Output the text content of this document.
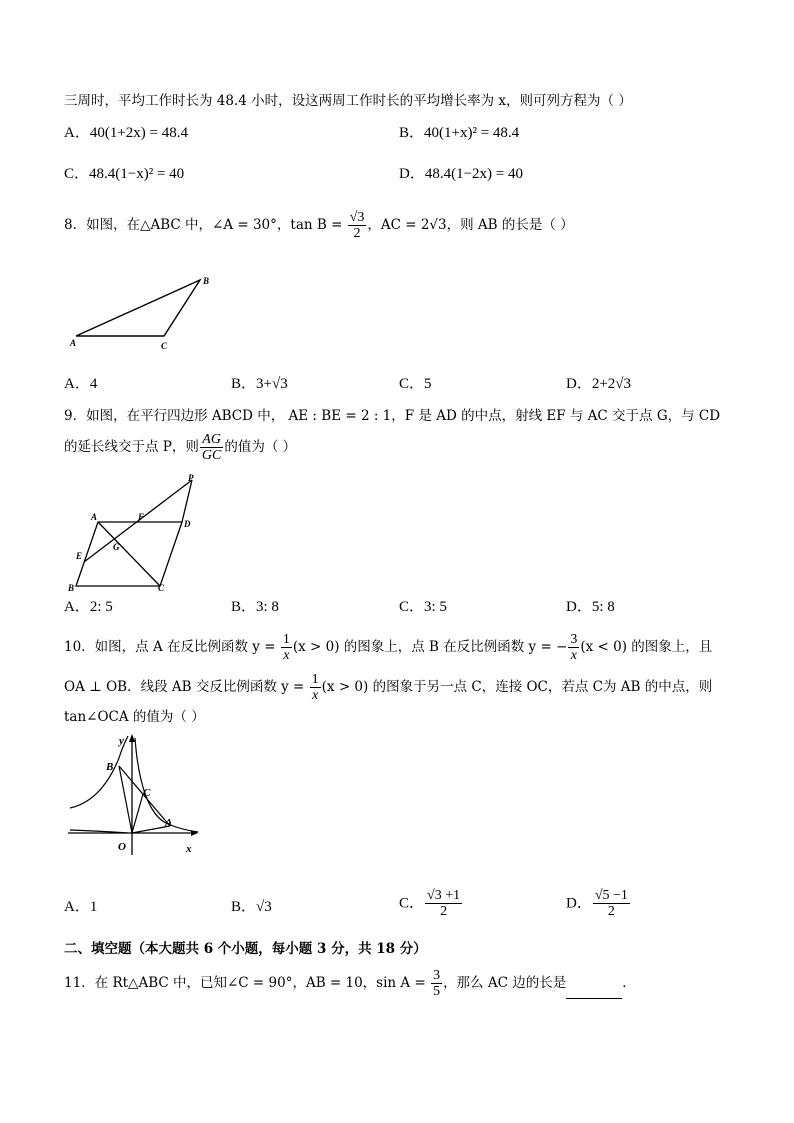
三周时，平均工作时长为 48.4 小时，设这两周工作时长的平均增长率为 x，则可列方程为（ ）
A．40(1+2x) = 48.4	B．40(1+x)² = 48.4
C．48.4(1−x)² = 40	D．48.4(1−2x) = 40
8．如图，在△ABC 中，∠A = 30°，$\tan B = \frac{√3}{2}$ ，AC = 2√3，则 AB 的长是（ ）
B
A	C
A．4	B．3+√3	C．5	D．2+2√3
9．如图，在平行四边形 ABCD 中， AE : BE = 2 : 1，F 是 AD 的中点，射线 EF 与 AC 交于点 G，与 CD
的延长线交于点 P，则 $\frac{AG}{GC}$ 的值为（ ）
P
A	F
D
E
G
B	C
A．2: 5	B．3: 8	C．3: 5	D．5: 8
10．如图，点 A 在反比例函数 $y = \frac{1}{x} (x > 0)$ 的图象上，点 B 在反比例函数 y = − $\frac{3}{x} (x < 0)$ 的图象上，且
OA ⊥ OB．线段 AB 交反比例函数 $y = \frac{1}{x} (x > 0)$ 的图象于另一点 C，连接 OC，若点 C为 AB 的中点，则
tan∠OCA 的值为（ ）
y
B
C
A
O	x
A．1	B．√3	C． $\frac{√3 +1}{2}$	D． $\frac{√5 -1}{2}$
二、填空题（本大题共 6 个小题，每小题 3 分，共 18 分）
11．在 Rt△ABC 中，已知∠C = 90°，AB = 10，$\sin A = \frac{3}{5}$ ，那么 AC 边的长是	．
